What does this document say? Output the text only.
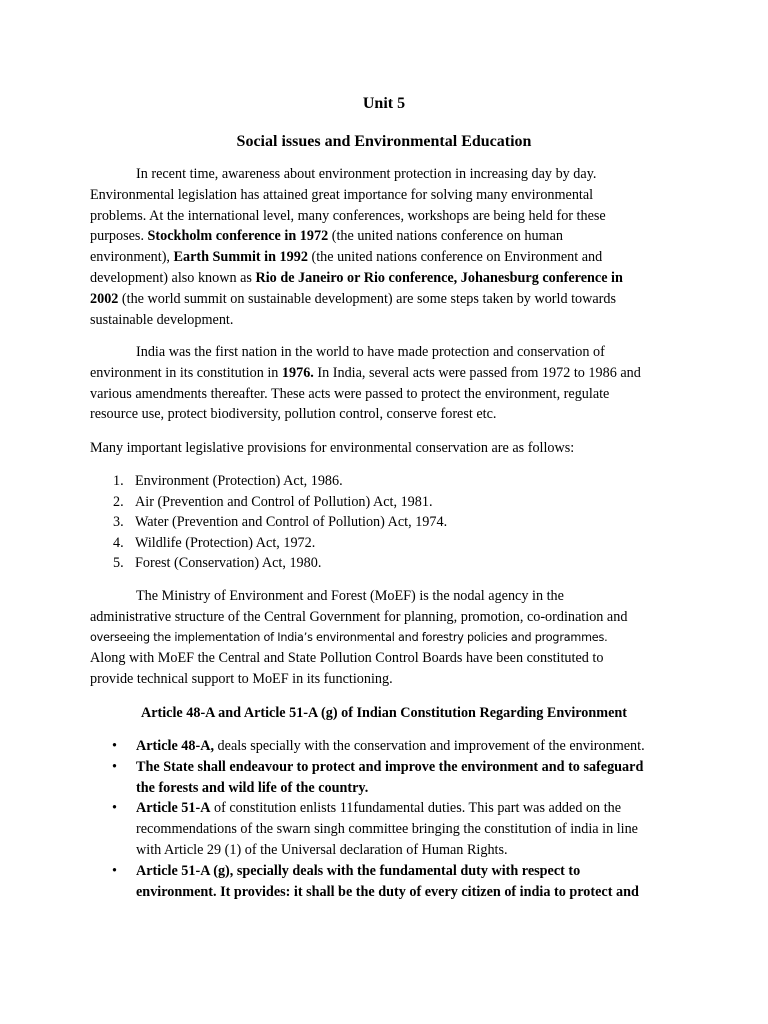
Unit 5
Social issues and Environmental Education
In recent time, awareness about environment protection in increasing day by day.
Environmental legislation has attained great importance for solving many environmental
problems. At the international level, many conferences, workshops are being held for these
purposes. Stockholm conference in 1972 (the united nations conference on human
environment), Earth Summit in 1992 (the united nations conference on Environment and
development) also known as Rio de Janeiro or Rio conference, Johanesburg conference in
2002 (the world summit on sustainable development) are some steps taken by world towards
sustainable development.
India was the first nation in the world to have made protection and conservation of
environment in its constitution in 1976. In India, several acts were passed from 1972 to 1986 and
various amendments thereafter. These acts were passed to protect the environment, regulate
resource use, protect biodiversity, pollution control, conserve forest etc.
Many important legislative provisions for environmental conservation are as follows:
1. Environment (Protection) Act, 1986.
2. Air (Prevention and Control of Pollution) Act, 1981.
3. Water (Prevention and Control of Pollution) Act, 1974.
4. Wildlife (Protection) Act, 1972.
5. Forest (Conservation) Act, 1980.
The Ministry of Environment and Forest (MoEF) is the nodal agency in the
administrative structure of the Central Government for planning, promotion, co-ordination and
overseeing the implementation of India’s environmental and forestry policies and programmes.
Along with MoEF the Central and State Pollution Control Boards have been constituted to
provide technical support to MoEF in its functioning.
Article 48-A and Article 51-A (g) of Indian Constitution Regarding Environment
• Article 48-A, deals specially with the conservation and improvement of the environment.
• The State shall endeavour to protect and improve the environment and to safeguard
the forests and wild life of the country.
• Article 51-A of constitution enlists 11fundamental duties. This part was added on the
recommendations of the swarn singh committee bringing the constitution of india in line
with Article 29 (1) of the Universal declaration of Human Rights.
• Article 51-A (g), specially deals with the fundamental duty with respect to
environment. It provides: it shall be the duty of every citizen of india to protect and
